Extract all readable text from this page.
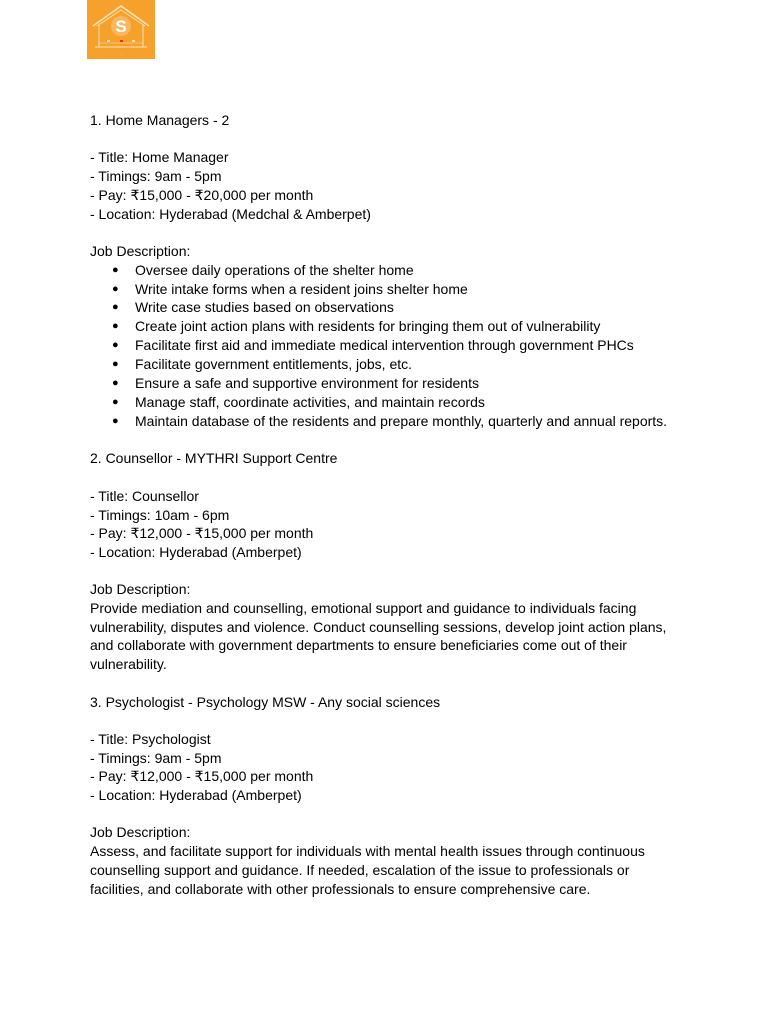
S
—
1. Home Managers - 2
- Title: Home Manager
- Timings: 9am - 5pm
- Pay: ₹15,000 - ₹20,000 per month
- Location: Hyderabad (Medchal & Amberpet)
Job Description:
● Oversee daily operations of the shelter home
● Write intake forms when a resident joins shelter home
● Write case studies based on observations
● Create joint action plans with residents for bringing them out of vulnerability
● Facilitate first aid and immediate medical intervention through government PHCs
● Facilitate government entitlements, jobs, etc.
● Ensure a safe and supportive environment for residents
● Manage staff, coordinate activities, and maintain records
● Maintain database of the residents and prepare monthly, quarterly and annual reports.
2. Counsellor - MYTHRI Support Centre
- Title: Counsellor
- Timings: 10am - 6pm
- Pay: ₹12,000 - ₹15,000 per month
- Location: Hyderabad (Amberpet)
Job Description:
Provide mediation and counselling, emotional support and guidance to individuals facing vulnerability, disputes and violence. Conduct counselling sessions, develop joint action plans, and collaborate with government departments to ensure beneficiaries come out of their vulnerability.
3. Psychologist - Psychology MSW - Any social sciences
- Title: Psychologist
- Timings: 9am - 5pm
- Pay: ₹12,000 - ₹15,000 per month
- Location: Hyderabad (Amberpet)
Job Description:
Assess, and facilitate support for individuals with mental health issues through continuous counselling support and guidance. If needed, escalation of the issue to professionals or facilities, and collaborate with other professionals to ensure comprehensive care.
